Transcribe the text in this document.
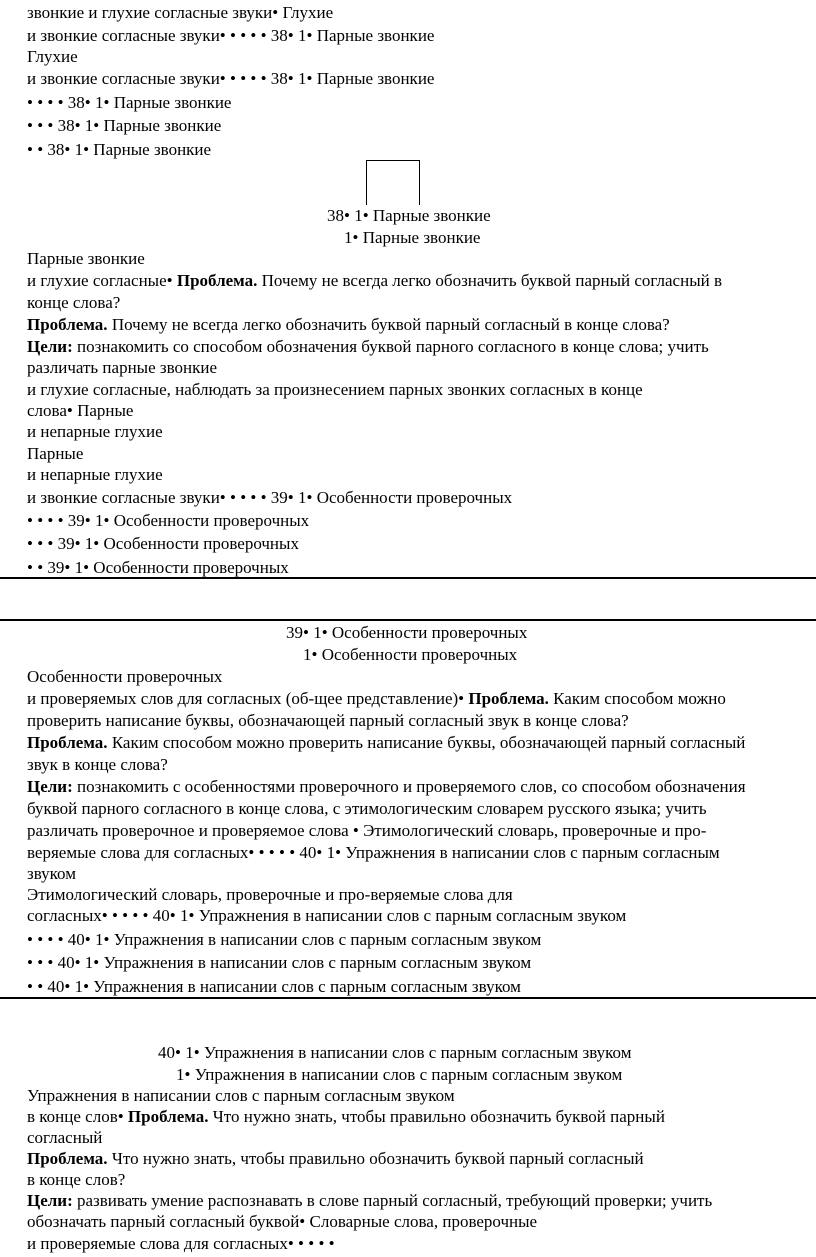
звонкие и глухие согласные звуки• Глухие
и звонкие согласные звуки• • • • • 38• 1• Парные звонкие
Глухие
и звонкие согласные звуки• • • • • 38• 1• Парные звонкие
• • • • 38• 1• Парные звонкие
• • • 38• 1• Парные звонкие
• • 38• 1• Парные звонкие
38• 1• Парные звонкие
1• Парные звонкие
Парные звонкие
и глухие согласные• Проблема. Почему не всегда легко обозначить буквой парный согласный в
конце слова?
Проблема. Почему не всегда легко обозначить буквой парный согласный в конце слова?
Цели: познакомить со способом обозначения буквой парного согласного в конце слова; учить
различать парные звонкие
и глухие согласные, наблюдать за произнесением парных звонких согласных в конце
слова• Парные
и непарные глухие
Парные
и непарные глухие
и звонкие согласные звуки• • • • • 39• 1• Особенности проверочных
• • • • 39• 1• Особенности проверочных
• • • 39• 1• Особенности проверочных
• • 39• 1• Особенности проверочных
39• 1• Особенности проверочных
1• Особенности проверочных
Особенности проверочных
и проверяемых слов для согласных (об-щее представление)• Проблема. Каким способом можно
проверить написание буквы, обозначающей парный согласный звук в конце слова?
Проблема. Каким способом можно проверить написание буквы, обозначающей парный согласный
звук в конце слова?
Цели: познакомить с особенностями проверочного и проверяемого слов, со способом обозначения
буквой парного согласного в конце слова, с этимологическим словарем русского языка; учить
различать проверочное и проверяемое слова • Этимологический словарь, проверочные и про-
веряемые слова для согласных• • • • • 40• 1• Упражнения в написании слов с парным согласным
звуком
Этимологический словарь, проверочные и про-веряемые слова для
согласных• • • • • 40• 1• Упражнения в написании слов с парным согласным звуком
• • • • 40• 1• Упражнения в написании слов с парным согласным звуком
• • • 40• 1• Упражнения в написании слов с парным согласным звуком
• • 40• 1• Упражнения в написании слов с парным согласным звуком
40• 1• Упражнения в написании слов с парным согласным звуком
1• Упражнения в написании слов с парным согласным звуком
Упражнения в написании слов с парным согласным звуком
в конце слов• Проблема. Что нужно знать, чтобы правильно обозначить буквой парный
согласный
Проблема. Что нужно знать, чтобы правильно обозначить буквой парный согласный
в конце слов?
Цели: развивать умение распознавать в слове парный согласный, требующий проверки; учить
обозначать парный согласный буквой• Словарные слова, проверочные
и проверяемые слова для согласных• • • • •
